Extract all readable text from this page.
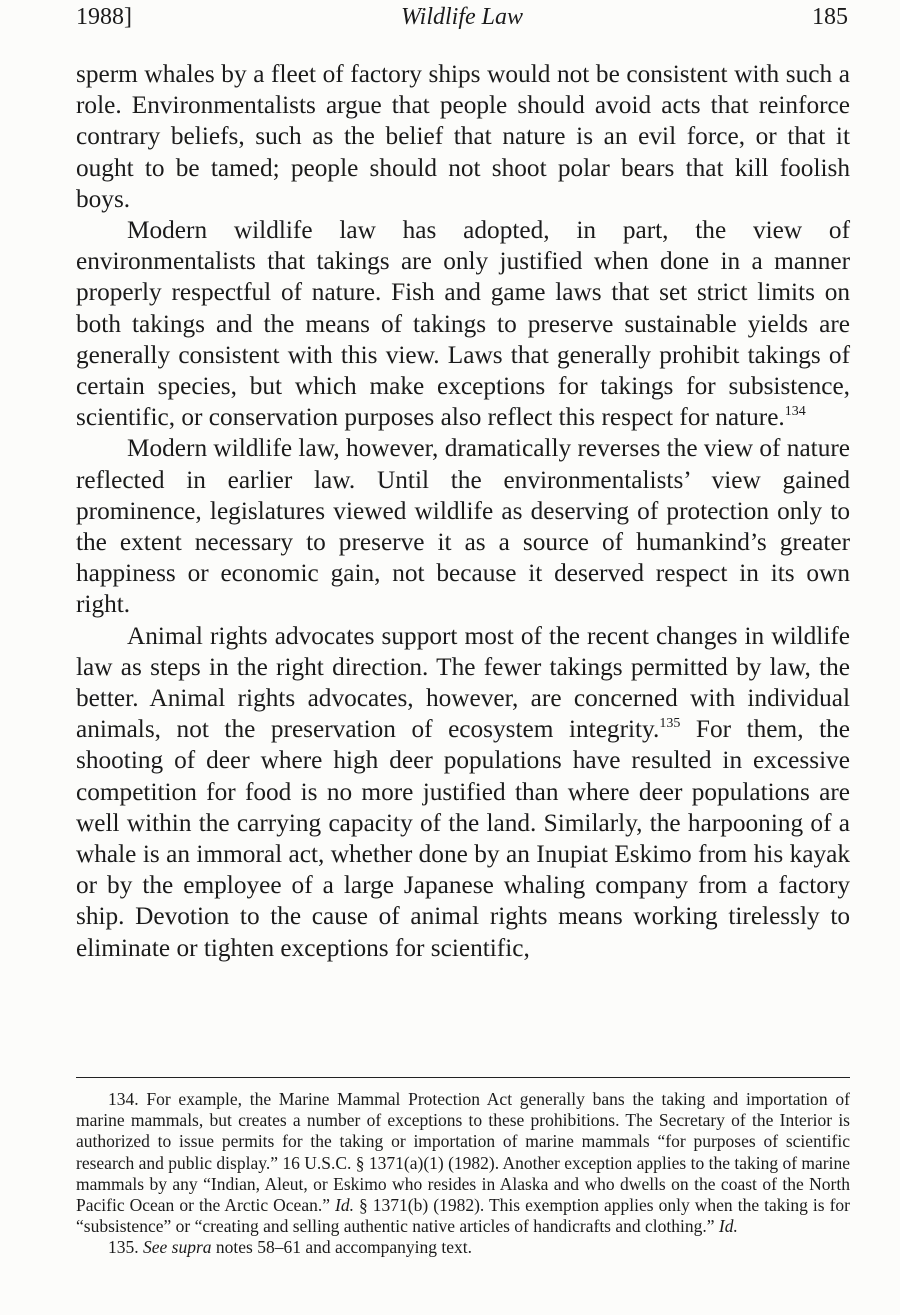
1988]	Wildlife Law	185

sperm whales by a fleet of factory ships would not be consistent with such a role. Environmentalists argue that people should avoid acts that reinforce contrary beliefs, such as the belief that nature is an evil force, or that it ought to be tamed; people should not shoot polar bears that kill foolish boys.

Modern wildlife law has adopted, in part, the view of environmentalists that takings are only justified when done in a manner properly respectful of nature. Fish and game laws that set strict limits on both takings and the means of takings to preserve sustainable yields are generally consistent with this view. Laws that generally prohibit takings of certain species, but which make exceptions for takings for subsistence, scientific, or conservation purposes also reflect this respect for nature.$^{134}$

Modern wildlife law, however, dramatically reverses the view of nature reflected in earlier law. Until the environmentalists’ view gained prominence, legislatures viewed wildlife as deserving of protection only to the extent necessary to preserve it as a source of humankind’s greater happiness or economic gain, not because it deserved respect in its own right.

Animal rights advocates support most of the recent changes in wildlife law as steps in the right direction. The fewer takings permitted by law, the better. Animal rights advocates, however, are concerned with individual animals, not the preservation of ecosystem integrity.$^{135}$ For them, the shooting of deer where high deer populations have resulted in excessive competition for food is no more justified than where deer populations are well within the carrying capacity of the land. Similarly, the harpooning of a whale is an immoral act, whether done by an Inupiat Eskimo from his kayak or by the employee of a large Japanese whaling company from a factory ship. Devotion to the cause of animal rights means working tirelessly to eliminate or tighten exceptions for scientific,

134. For example, the Marine Mammal Protection Act generally bans the taking and importation of marine mammals, but creates a number of exceptions to these prohibitions. The Secretary of the Interior is authorized to issue permits for the taking or importation of marine mammals “for purposes of scientific research and public display.” 16 U.S.C. § 1371(a)(1) (1982). Another exception applies to the taking of marine mammals by any “Indian, Aleut, or Eskimo who resides in Alaska and who dwells on the coast of the North Pacific Ocean or the Arctic Ocean.” Id. § 1371(b) (1982). This exemption applies only when the taking is for “subsistence” or “creating and selling authentic native articles of handicrafts and clothing.” Id.

135. See supra notes 58–61 and accompanying text.
